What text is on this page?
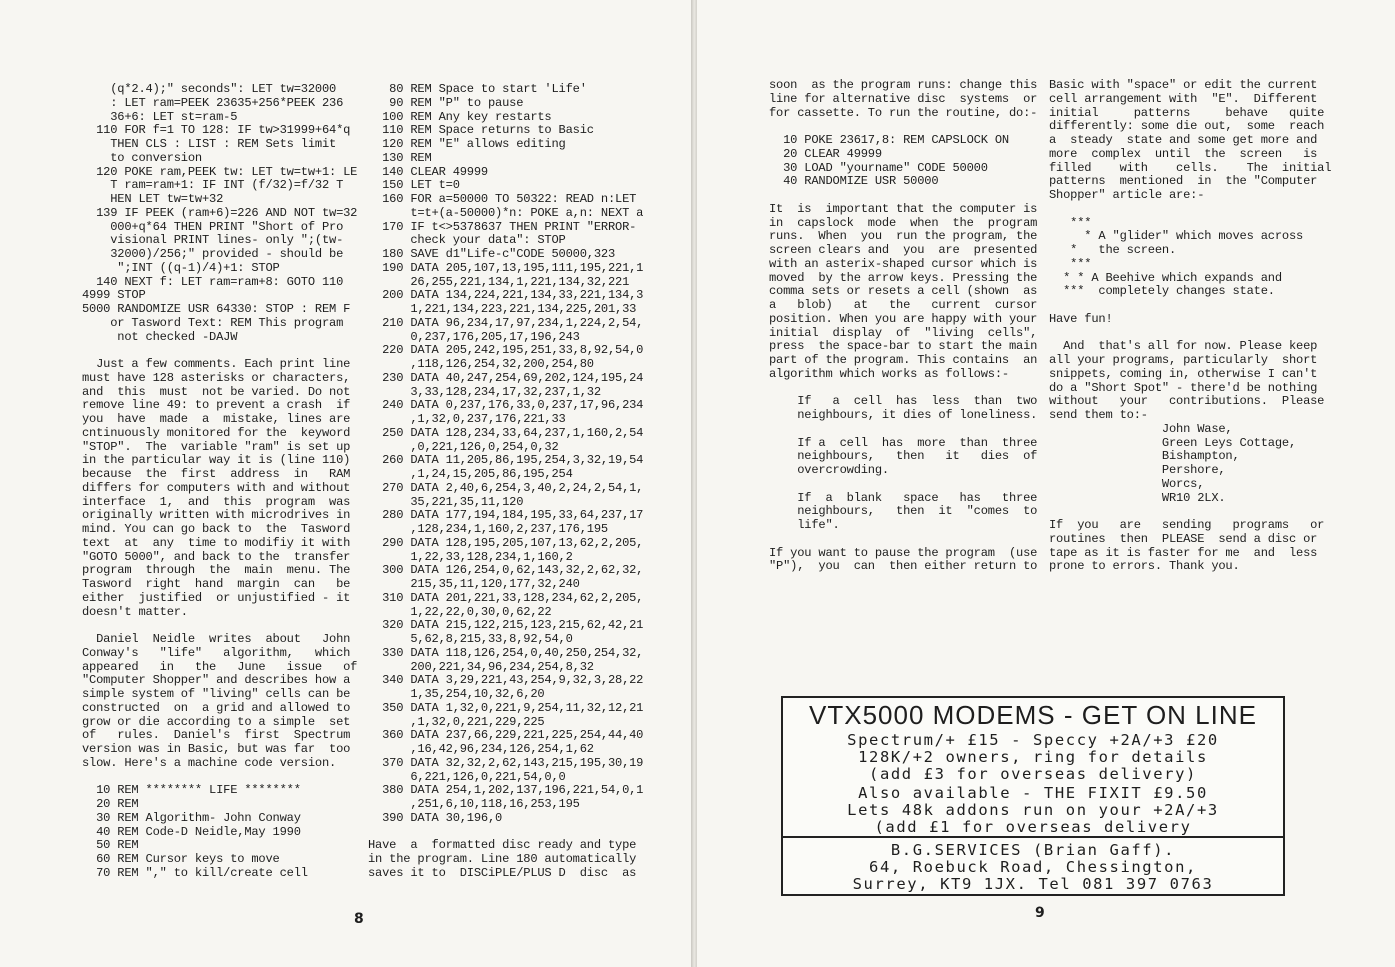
(q*2.4);" seconds": LET tw=32000
: LET ram=PEEK 23635+256*PEEK 236
36+6: LET st=ram-5
110 FOR f=1 TO 128: IF tw>31999+64*q
THEN CLS : LIST : REM Sets limit
to conversion
120 POKE ram,PEEK tw: LET tw=tw+1: LE
T ram=ram+1: IF INT (f/32)=f/32 T
HEN LET tw=tw+32
139 IF PEEK (ram+6)=226 AND NOT tw=32
000+q*64 THEN PRINT "Short of Pro
visional PRINT lines- only ";(tw-
32000)/256;" provided - should be
";INT ((q-1)/4)+1: STOP
140 NEXT f: LET ram=ram+8: GOTO 110
4999 STOP
5000 RANDOMIZE USR 64330: STOP : REM F
or Tasword Text: REM This program
not checked -DAJW
Just a few comments. Each print line
must have 128 asterisks or characters,
and  this  must  not be varied. Do not
remove line 49: to prevent a crash  if
you  have  made  a  mistake, lines are
cntinuously monitored for the  keyword
"STOP".  The  variable "ram" is set up
in the particular way it is (line 110)
because  the  first  address  in   RAM
differs for computers with and without
interface  1,  and  this  program  was
originally written with microdrives in
mind. You can go back to  the  Tasword
text  at  any  time to modifiy it with
"GOTO 5000", and back to the  transfer
program  through  the  main  menu. The
Tasword  right  hand  margin  can   be
either  justified  or unjustified - it
doesn't matter.
Daniel  Neidle  writes  about   John
Conway's   "life"   algorithm,   which
appeared   in   the   June   issue   of
"Computer Shopper" and describes how a
simple system of "living" cells can be
constructed  on  a grid and allowed to
grow or die according to a simple  set
of   rules.  Daniel's  first  Spectrum
version was in Basic, but was far  too
slow. Here's a machine code version.
10 REM ******** LIFE ********
20 REM
30 REM Algorithm- John Conway
40 REM Code-D Neidle,May 1990
50 REM
60 REM Cursor keys to move
70 REM "," to kill/create cell
80 REM Space to start 'Life'
90 REM "P" to pause
100 REM Any key restarts
110 REM Space returns to Basic
120 REM "E" allows editing
130 REM
140 CLEAR 49999
150 LET t=0
160 FOR a=50000 TO 50322: READ n:LET
t=t+(a-50000)*n: POKE a,n: NEXT a
170 IF t<>5378637 THEN PRINT "ERROR-
check your data": STOP
180 SAVE d1"Life-c"CODE 50000,323
190 DATA 205,107,13,195,111,195,221,1
26,255,221,134,1,221,134,32,221
200 DATA 134,224,221,134,33,221,134,3
1,221,134,223,221,134,225,201,33
210 DATA 96,234,17,97,234,1,224,2,54,
0,237,176,205,17,196,243
220 DATA 205,242,195,251,33,8,92,54,0
,118,126,254,32,200,254,80
230 DATA 40,247,254,69,202,124,195,24
3,33,128,234,17,32,237,1,32
240 DATA 0,237,176,33,0,237,17,96,234
,1,32,0,237,176,221,33
250 DATA 128,234,33,64,237,1,160,2,54
,0,221,126,0,254,0,32
260 DATA 11,205,86,195,254,3,32,19,54
,1,24,15,205,86,195,254
270 DATA 2,40,6,254,3,40,2,24,2,54,1,
35,221,35,11,120
280 DATA 177,194,184,195,33,64,237,17
,128,234,1,160,2,237,176,195
290 DATA 128,195,205,107,13,62,2,205,
1,22,33,128,234,1,160,2
300 DATA 126,254,0,62,143,32,2,62,32,
215,35,11,120,177,32,240
310 DATA 201,221,33,128,234,62,2,205,
1,22,22,0,30,0,62,22
320 DATA 215,122,215,123,215,62,42,21
5,62,8,215,33,8,92,54,0
330 DATA 118,126,254,0,40,250,254,32,
200,221,34,96,234,254,8,32
340 DATA 3,29,221,43,254,9,32,3,28,22
1,35,254,10,32,6,20
350 DATA 1,32,0,221,9,254,11,32,12,21
,1,32,0,221,229,225
360 DATA 237,66,229,221,225,254,44,40
,16,42,96,234,126,254,1,62
370 DATA 32,32,2,62,143,215,195,30,19
6,221,126,0,221,54,0,0
380 DATA 254,1,202,137,196,221,54,0,1
,251,6,10,118,16,253,195
390 DATA 30,196,0
Have  a  formatted disc ready and type
in the program. Line 180 automatically
saves it to  DISCiPLE/PLUS D  disc  as
8
soon  as the program runs: change this
line for alternative disc  systems  or
for cassette. To run the routine, do:-
10 POKE 23617,8: REM CAPSLOCK ON
20 CLEAR 49999
30 LOAD "yourname" CODE 50000
40 RANDOMIZE USR 50000
It  is  important that the computer is
in  capslock  mode  when  the  program
runs.  When  you  run the program, the
screen clears and  you  are  presented
with an asterix-shaped cursor which is
moved  by the arrow keys. Pressing the
comma sets or resets a cell (shown  as
a   blob)   at   the   current  cursor
position. When you are happy with your
initial  display  of  "living  cells",
press  the space-bar to start the main
part of the program. This contains  an
algorithm which works as follows:-
If   a  cell  has  less  than  two
neighbours, it dies of loneliness.
If a  cell  has  more  than  three
neighbours,   then   it   dies  of
overcrowding.
If  a  blank   space   has   three
neighbours,   then  it  "comes  to
life".
If you want to pause the program  (use
"P"),  you  can  then either return to
Basic with "space" or edit the current
cell arrangement with  "E".  Different
initial     patterns     behave   quite
differently: some die out,  some  reach
a  steady  state and some get more and
more  complex  until  the  screen   is
filled    with    cells.    The  initial
patterns  mentioned  in  the "Computer
Shopper" article are:-
***
* A "glider" which moves across
*   the screen.
***
* * A Beehive which expands and
***  completely changes state.
Have fun!
And  that's all for now. Please keep
all your programs, particularly  short
snippets, coming in, otherwise I can't
do a "Short Spot" - there'd be nothing
without   your   contributions.  Please
send them to:-
John Wase,
Green Leys Cottage,
Bishampton,
Pershore,
Worcs,
WR10 2LX.
If  you   are   sending   programs   or
routines  then  PLEASE  send a disc or
tape as it is faster for me  and  less
prone to errors. Thank you.
9
VTX5000 MODEMS - GET ON LINE
Spectrum/+ £15 - Speccy +2A/+3 £20
128K/+2 owners, ring for details
(add £3 for overseas delivery)
Also available - THE FIXIT £9.50
Lets 48k addons run on your +2A/+3
(add £1 for overseas delivery
B.G.SERVICES (Brian Gaff).
64, Roebuck Road, Chessington,
Surrey, KT9 1JX. Tel 081 397 0763
